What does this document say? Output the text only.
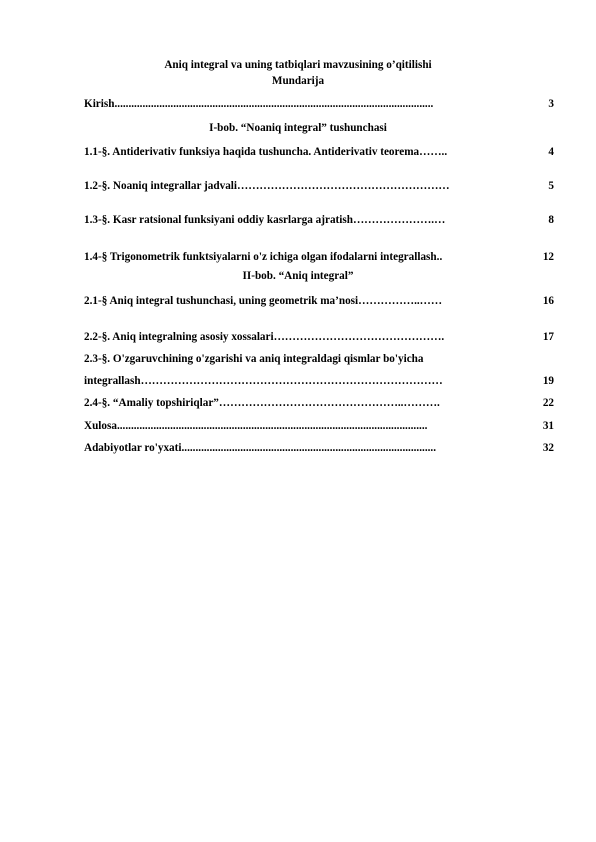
Aniq integral va uning tatbiqlari mavzusining o’qitilishi
Mundarija
Kirish ..................................................................................................................	3
I-bob. “Noaniq integral” tushunchasi
1.1-§. Antiderivativ funksiya haqida tushuncha. Antiderivativ teorema ……..	4
1.2-§. Noaniq integrallar jadvali …………………………………………………	5
1.3-§. Kasr ratsional funksiyani oddiy kasrlarga ajratish ………………….…	8
1.4-§ Trigonometrik funktsiyalarni o'z ichiga olgan ifodalarni integrallash ..	12
II-bob. “Aniq integral”
2.1-§ Aniq integral tushunchasi, uning geometrik ma’nosi ……………..……	16
2.2-§. Aniq integralning asosiy xossalari ……………………………………….	17
2.3-§. O'zgaruvchining o'zgarishi va aniq integraldagi qismlar bo'yicha
integrallash ………………………………………………………………………	19
2.4-§. “Amaliy topshiriqlar” …………………………………………..……….	22
Xulosa ...............................................................................................................	31
Adabiyotlar ro'yxati ...........................................................................................	32
